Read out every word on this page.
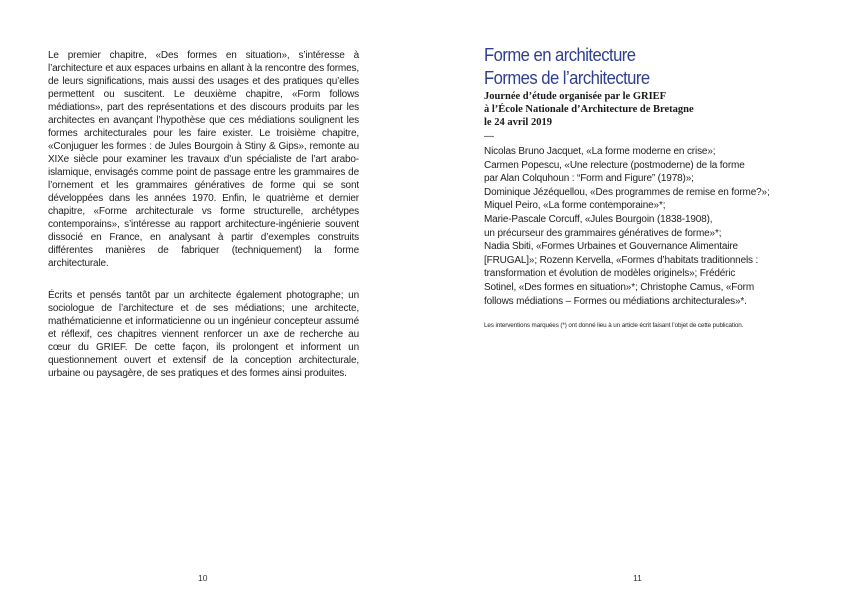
Le premier chapitre, «Des formes en situation», s’intéresse à l’architecture et aux espaces urbains en allant à la rencontre des formes, de leurs significations, mais aussi des usages et des pratiques qu’elles permettent ou suscitent. Le deuxième chapitre, «Form follows médiations», part des représentations et des discours produits par les architectes en avançant l’hypothèse que ces médiations soulignent les formes architecturales pour les faire exister. Le troisième chapitre, «Conjuguer les formes : de Jules Bourgoin à Stiny & Gips», remonte au XIXe siècle pour examiner les travaux d’un spécialiste de l’art arabo-islamique, envisagés comme point de passage entre les grammaires de l’ornement et les grammaires génératives de forme qui se sont développées dans les années 1970. Enfin, le quatrième et dernier chapitre, «Forme architecturale vs forme structurelle, archétypes contemporains», s’intéresse au rapport architecture-ingénierie souvent dissocié en France, en analysant à partir d’exemples construits différentes manières de fabriquer (techniquement) la forme architecturale.

Écrits et pensés tantôt par un architecte également photographe; un sociologue de l’architecture et de ses médiations; une architecte, mathématicienne et informaticienne ou un ingénieur concepteur assumé et réflexif, ces chapitres viennent renforcer un axe de recherche au cœur du GRIEF. De cette façon, ils prolongent et informent un questionnement ouvert et extensif de la conception architecturale, urbaine ou paysagère, de ses pratiques et des formes ainsi produites.

Forme en architecture
Formes de l’architecture
Journée d’étude organisée par le GRIEF
à l’École Nationale d’Architecture de Bretagne
le 24 avril 2019
—
Nicolas Bruno Jacquet, «La forme moderne en crise»;
Carmen Popescu, «Une relecture (postmoderne) de la forme
par Alan Colquhoun : “Form and Figure” (1978)»;
Dominique Jézéquellou, «Des programmes de remise en forme?»;
Miquel Peiro, «La forme contemporaine»*;
Marie-Pascale Corcuff, «Jules Bourgoin (1838-1908),
un précurseur des grammaires génératives de forme»*;
Nadia Sbiti, «Formes Urbaines et Gouvernance Alimentaire
[FRUGAL]»; Rozenn Kervella, «Formes d’habitats traditionnels :
transformation et évolution de modèles originels»; Frédéric
Sotinel, «Des formes en situation»*; Christophe Camus, «Form
follows médiations – Formes ou médiations architecturales»*.
Les interventions marquées (*) ont donné lieu à un article écrit faisant l’objet de cette publication.
10	11
